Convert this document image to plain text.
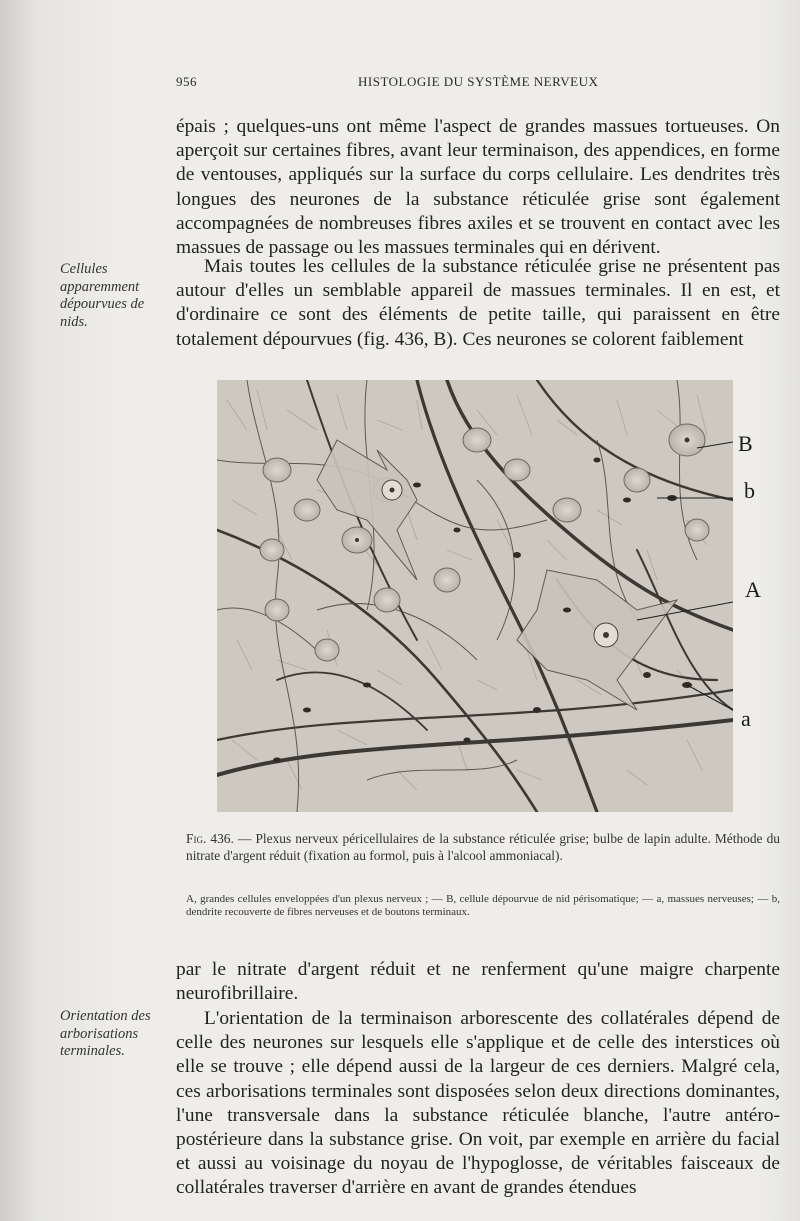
956	HISTOLOGIE DU SYSTÈME NERVEUX

épais ; quelques-uns ont même l'aspect de grandes massues tortueuses. On aperçoit sur certaines fibres, avant leur terminaison, des appendices, en forme de ventouses, appliqués sur la surface du corps cellulaire. Les dendrites très longues des neurones de la substance réticulée grise sont également accompagnées de nombreuses fibres axiles et se trouvent en contact avec les massues de passage ou les massues terminales qui en dérivent.

Cellules apparemment dépourvues de nids.

Mais toutes les cellules de la substance réticulée grise ne présentent pas autour d'elles un semblable appareil de massues terminales. Il en est, et d'ordinaire ce sont des éléments de petite taille, qui paraissent en être totalement dépourvues (fig. 436, B). Ces neurones se colorent faiblement

B
b
A
a
Fig. 436. — Plexus nerveux péricellulaires de la substance réticulée grise; bulbe de lapin adulte. Méthode du nitrate d'argent réduit (fixation au formol, puis à l'alcool ammoniacal).
A, grandes cellules enveloppées d'un plexus nerveux ; — B, cellule dépourvue de nid périsomatique; — a, massues nerveuses; — b, dendrite recouverte de fibres nerveuses et de boutons terminaux.

par le nitrate d'argent réduit et ne renferment qu'une maigre charpente neurofibrillaire.

Orientation des arborisations terminales.

L'orientation de la terminaison arborescente des collatérales dépend de celle des neurones sur lesquels elle s'applique et de celle des interstices où elle se trouve ; elle dépend aussi de la largeur de ces derniers. Malgré cela, ces arborisations terminales sont disposées selon deux directions dominantes, l'une transversale dans la substance réticulée blanche, l'autre antéro-postérieure dans la substance grise. On voit, par exemple en arrière du facial et aussi au voisinage du noyau de l'hypoglosse, de véritables faisceaux de collatérales traverser d'arrière en avant de grandes étendues
